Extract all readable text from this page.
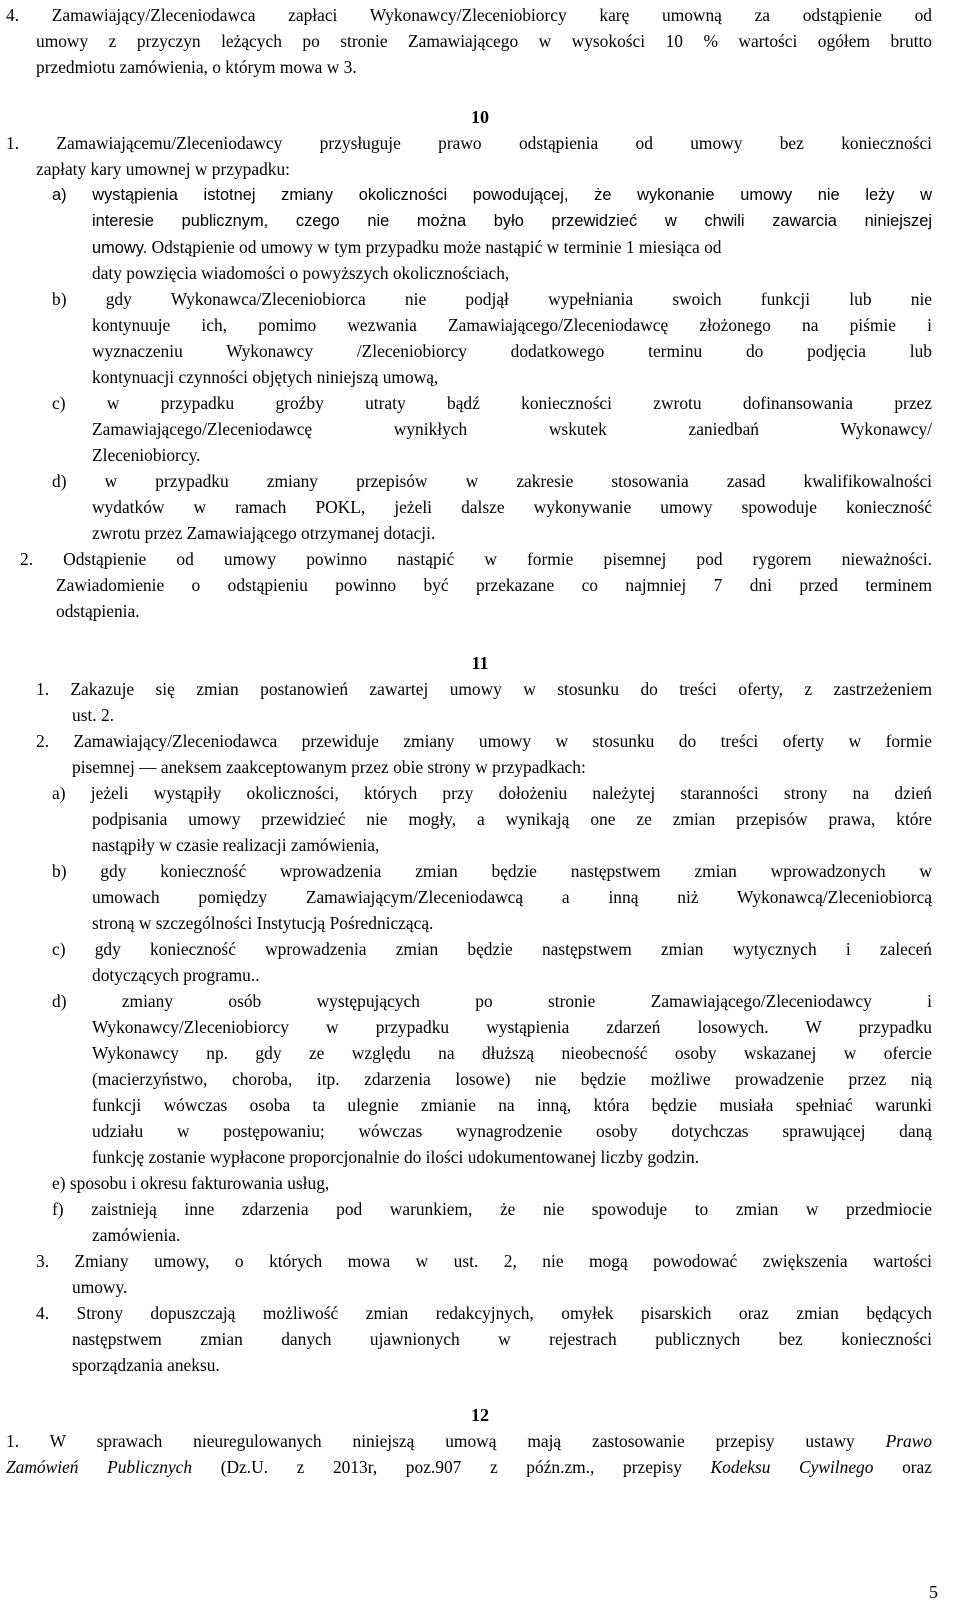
4. Zamawiający/Zleceniodawca zapłaci Wykonawcy/Zleceniobiorcy karę umowną za odstąpienie od
umowy z przyczyn leżących po stronie Zamawiającego w wysokości 10 % wartości ogółem brutto
przedmiotu zamówienia, o którym mowa w 3.
10
1. Zamawiającemu/Zleceniodawcy przysługuje prawo odstąpienia od umowy bez konieczności
zapłaty kary umownej w przypadku:
a) wystąpienia istotnej zmiany okoliczności powodującej, że wykonanie umowy nie leży w
interesie publicznym, czego nie można było przewidzieć w chwili zawarcia niniejszej
umowy. Odstąpienie od umowy w tym przypadku może nastąpić w terminie 1 miesiąca od
daty powzięcia wiadomości o powyższych okolicznościach,
b) gdy Wykonawca/Zleceniobiorca nie podjął wypełniania swoich funkcji lub nie
kontynuuje ich, pomimo wezwania Zamawiającego/Zleceniodawcę złożonego na piśmie i
wyznaczeniu Wykonawcy /Zleceniobiorcy dodatkowego terminu do podjęcia lub
kontynuacji czynności objętych niniejszą umową,
c) w przypadku groźby utraty bądź konieczności zwrotu dofinansowania przez
Zamawiającego/Zleceniodawcę wynikłych wskutek zaniedbań Wykonawcy/
Zleceniobiorcy.
d) w przypadku zmiany przepisów w zakresie stosowania zasad kwalifikowalności
wydatków w ramach POKL, jeżeli dalsze wykonywanie umowy spowoduje konieczność
zwrotu przez Zamawiającego otrzymanej dotacji.
2. Odstąpienie od umowy powinno nastąpić w formie pisemnej pod rygorem nieważności.
Zawiadomienie o odstąpieniu powinno być przekazane co najmniej 7 dni przed terminem
odstąpienia.
11
1. Zakazuje się zmian postanowień zawartej umowy w stosunku do treści oferty, z zastrzeżeniem
ust. 2.
2. Zamawiający/Zleceniodawca przewiduje zmiany umowy w stosunku do treści oferty w formie
pisemnej — aneksem zaakceptowanym przez obie strony w przypadkach:
a) jeżeli wystąpiły okoliczności, których przy dołożeniu należytej staranności strony na dzień
podpisania umowy przewidzieć nie mogły, a wynikają one ze zmian przepisów prawa, które
nastąpiły w czasie realizacji zamówienia,
b) gdy konieczność wprowadzenia zmian będzie następstwem zmian wprowadzonych w
umowach pomiędzy Zamawiającym/Zleceniodawcą a inną niż Wykonawcą/Zleceniobiorcą
stroną w szczególności Instytucją Pośredniczącą.
c) gdy konieczność wprowadzenia zmian będzie następstwem zmian wytycznych i zaleceń
dotyczących programu..
d) zmiany osób występujących po stronie Zamawiającego/Zleceniodawcy i
Wykonawcy/Zleceniobiorcy w przypadku wystąpienia zdarzeń losowych. W przypadku
Wykonawcy np. gdy ze względu na dłuższą nieobecność osoby wskazanej w ofercie
(macierzyństwo, choroba, itp. zdarzenia losowe) nie będzie możliwe prowadzenie przez nią
funkcji wówczas osoba ta ulegnie zmianie na inną, która będzie musiała spełniać warunki
udziału w postępowaniu; wówczas wynagrodzenie osoby dotychczas sprawującej daną
funkcję zostanie wypłacone proporcjonalnie do ilości udokumentowanej liczby godzin.
e) sposobu i okresu fakturowania usług,
f) zaistnieją inne zdarzenia pod warunkiem, że nie spowoduje to zmian w przedmiocie
zamówienia.
3. Zmiany umowy, o których mowa w ust. 2, nie mogą powodować zwiększenia wartości
umowy.
4. Strony dopuszczają możliwość zmian redakcyjnych, omyłek pisarskich oraz zmian będących
następstwem zmian danych ujawnionych w rejestrach publicznych bez konieczności
sporządzania aneksu.
12
1. W sprawach nieuregulowanych niniejszą umową mają zastosowanie przepisy ustawy Prawo
Zamówień Publicznych (Dz.U. z 2013r, poz.907 z późn.zm., przepisy Kodeksu Cywilnego oraz
5
